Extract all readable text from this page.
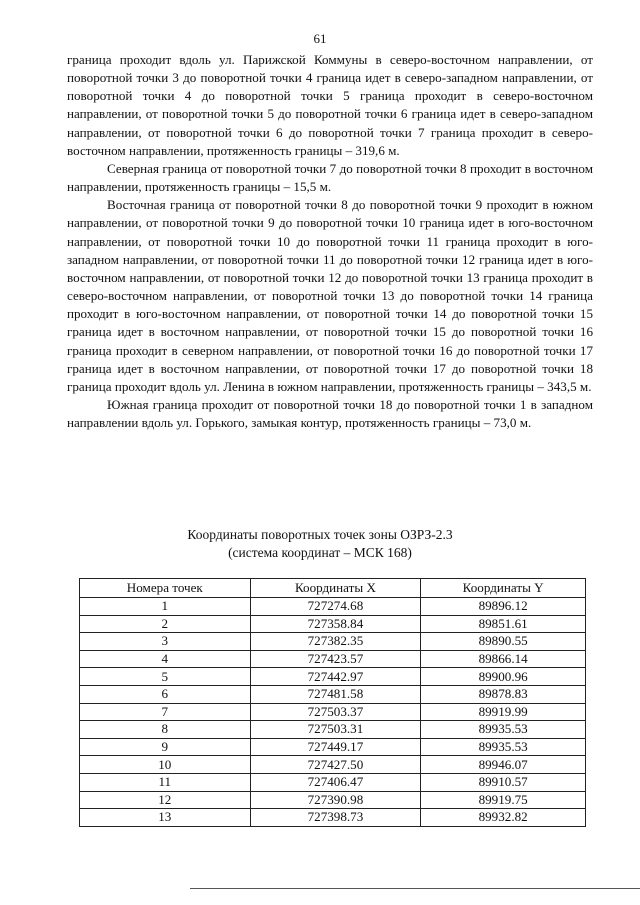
61

граница проходит вдоль ул. Парижской Коммуны в северо-восточном направлении, от поворотной точки 3 до поворотной точки 4 граница идет в северо-западном направлении, от поворотной точки 4 до поворотной точки 5 граница проходит в северо-восточном направлении, от поворотной точки 5 до поворотной точки 6 граница идет в северо-западном направлении, от поворотной точки 6 до поворотной точки 7 граница проходит в северо-восточном направлении, протяженность границы – 319,6 м.

Северная граница от поворотной точки 7 до поворотной точки 8 проходит в восточном направлении, протяженность границы – 15,5 м.

Восточная граница от поворотной точки 8 до поворотной точки 9 проходит в южном направлении, от поворотной точки 9 до поворотной точки 10 граница идет в юго-восточном направлении, от поворотной точки 10 до поворотной точки 11 граница проходит в юго-западном направлении, от поворотной точки 11 до поворотной точки 12 граница идет в юго-восточном направлении, от поворотной точки 12 до поворотной точки 13 граница проходит в северо-восточном направлении, от поворотной точки 13 до поворотной точки 14 граница проходит в юго-восточном направлении, от поворотной точки 14 до поворотной точки 15 граница идет в восточном направлении, от поворотной точки 15 до поворотной точки 16 граница проходит в северном направлении, от поворотной точки 16 до поворотной точки 17 граница идет в восточном направлении, от поворотной точки 17 до поворотной точки 18 граница проходит вдоль ул. Ленина в южном направлении, протяженность границы – 343,5 м.

Южная граница проходит от поворотной точки 18 до поворотной точки 1 в западном направлении вдоль ул. Горького, замыкая контур, протяженность границы – 73,0 м.

Координаты поворотных точек зоны ОЗРЗ-2.3
(система координат – МСК 168)
Номера точек	Координаты X	Координаты Y
1	727274.68	89896.12
2	727358.84	89851.61
3	727382.35	89890.55
4	727423.57	89866.14
5	727442.97	89900.96
6	727481.58	89878.83
7	727503.37	89919.99
8	727503.31	89935.53
9	727449.17	89935.53
10	727427.50	89946.07
11	727406.47	89910.57
12	727390.98	89919.75
13	727398.73	89932.82
